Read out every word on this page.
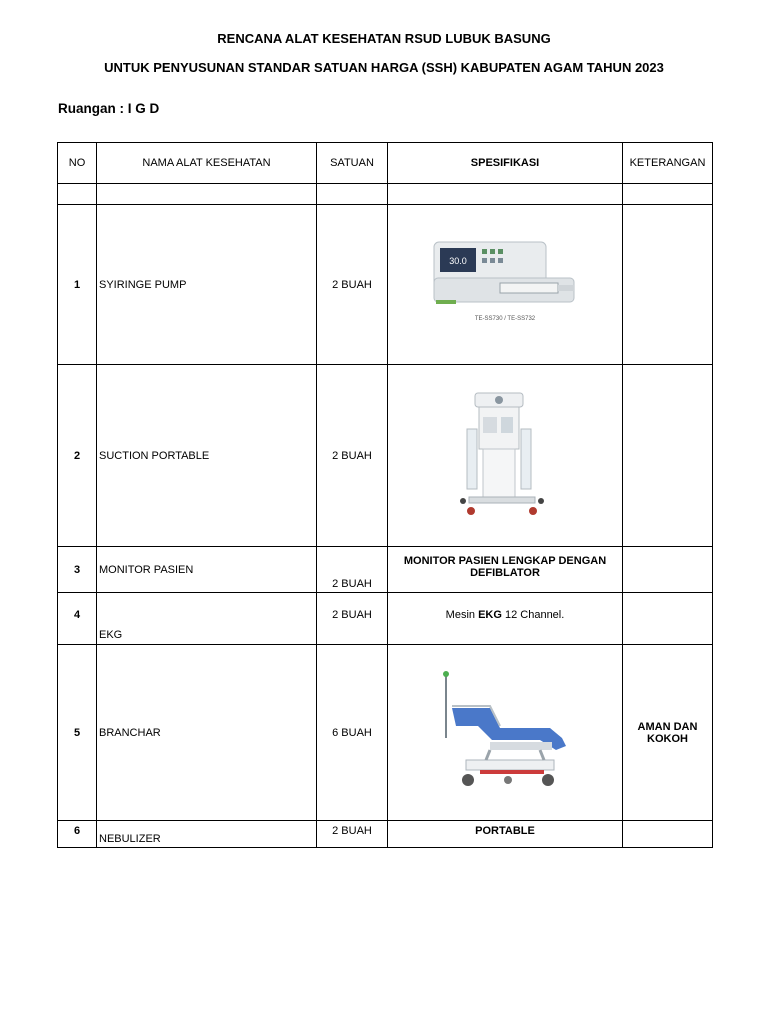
RENCANA ALAT KESEHATAN RSUD LUBUK BASUNG
UNTUK PENYUSUNAN STANDAR SATUAN HARGA (SSH) KABUPATEN AGAM TAHUN 2023
Ruangan : I G D
NO	NAMA ALAT KESEHATAN	SATUAN	SPESIFIKASI	KETERANGAN

1	SYIRINGE PUMP	2 BUAH	30.0
TE-SS730 / TE-SS732	

2	SUCTION PORTABLE	2 BUAH	

3	MONITOR PASIEN	2 BUAH	MONITOR PASIEN LENGKAP DENGAN DEFIBLATOR	
4	EKG	2 BUAH	Mesin EKG 12 Channel.	
5	BRANCHAR	6 BUAH		AMAN DAN KOKOH

6	NEBULIZER	2 BUAH	PORTABLE	
